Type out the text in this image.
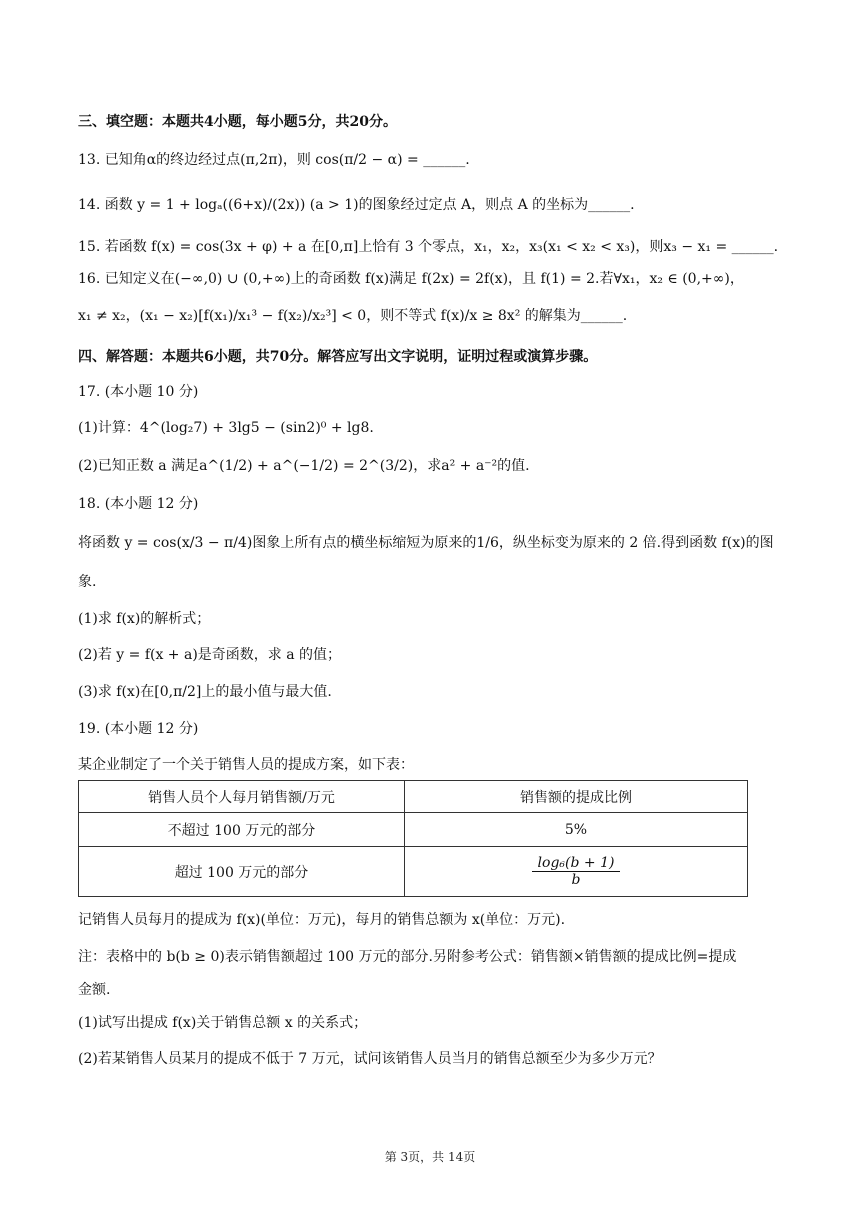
三、填空题：本题共4小题，每小题5分，共20分。
13. 已知角α的终边经过点(π,2π)，则 cos(π/2 − α) = ______.
14. 函数 y = 1 + logₐ((6+x)/(2x)) (a > 1)的图象经过定点 A，则点 A 的坐标为______.
15. 若函数 f(x) = cos(3x + φ) + a 在[0,π]上恰有 3 个零点，x₁，x₂，x₃(x₁ < x₂ < x₃)，则x₃ − x₁ = ______.
16. 已知定义在(−∞,0) ∪ (0,+∞)上的奇函数 f(x)满足 f(2x) = 2f(x)，且 f(1) = 2.若∀x₁，x₂ ∈ (0,+∞)，
x₁ ≠ x₂，(x₁ − x₂)[f(x₁)/x₁³ − f(x₂)/x₂³] < 0，则不等式 f(x)/x ≥ 8x² 的解集为______.
四、解答题：本题共6小题，共70分。解答应写出文字说明，证明过程或演算步骤。
17. (本小题 10 分)
(1)计算：4^(log₂7) + 3lg5 − (sin2)⁰ + lg8.
(2)已知正数 a 满足a^(1/2) + a^(−1/2) = 2^(3/2)，求a² + a⁻²的值.
18. (本小题 12 分)
将函数 y = cos(x/3 − π/4)图象上所有点的横坐标缩短为原来的1/6，纵坐标变为原来的 2 倍.得到函数 f(x)的图
象.
(1)求 f(x)的解析式；
(2)若 y = f(x + a)是奇函数，求 a 的值；
(3)求 f(x)在[0,π/2]上的最小值与最大值.
19. (本小题 12 分)
某企业制定了一个关于销售人员的提成方案，如下表：
销售人员个人每月销售额/万元	销售额的提成比例
不超过 100 万元的部分	5%
超过 100 万元的部分	$\frac{\text{log₆(b + 1)}}{b}$
记销售人员每月的提成为 f(x)(单位：万元)，每月的销售总额为 x(单位：万元).
注：表格中的 b(b ≥ 0)表示销售额超过 100 万元的部分.另附参考公式：销售额×销售额的提成比例=提成
金额.
(1)试写出提成 f(x)关于销售总额 x 的关系式；
(2)若某销售人员某月的提成不低于 7 万元，试问该销售人员当月的销售总额至少为多少万元？
第 3页，共 14页
